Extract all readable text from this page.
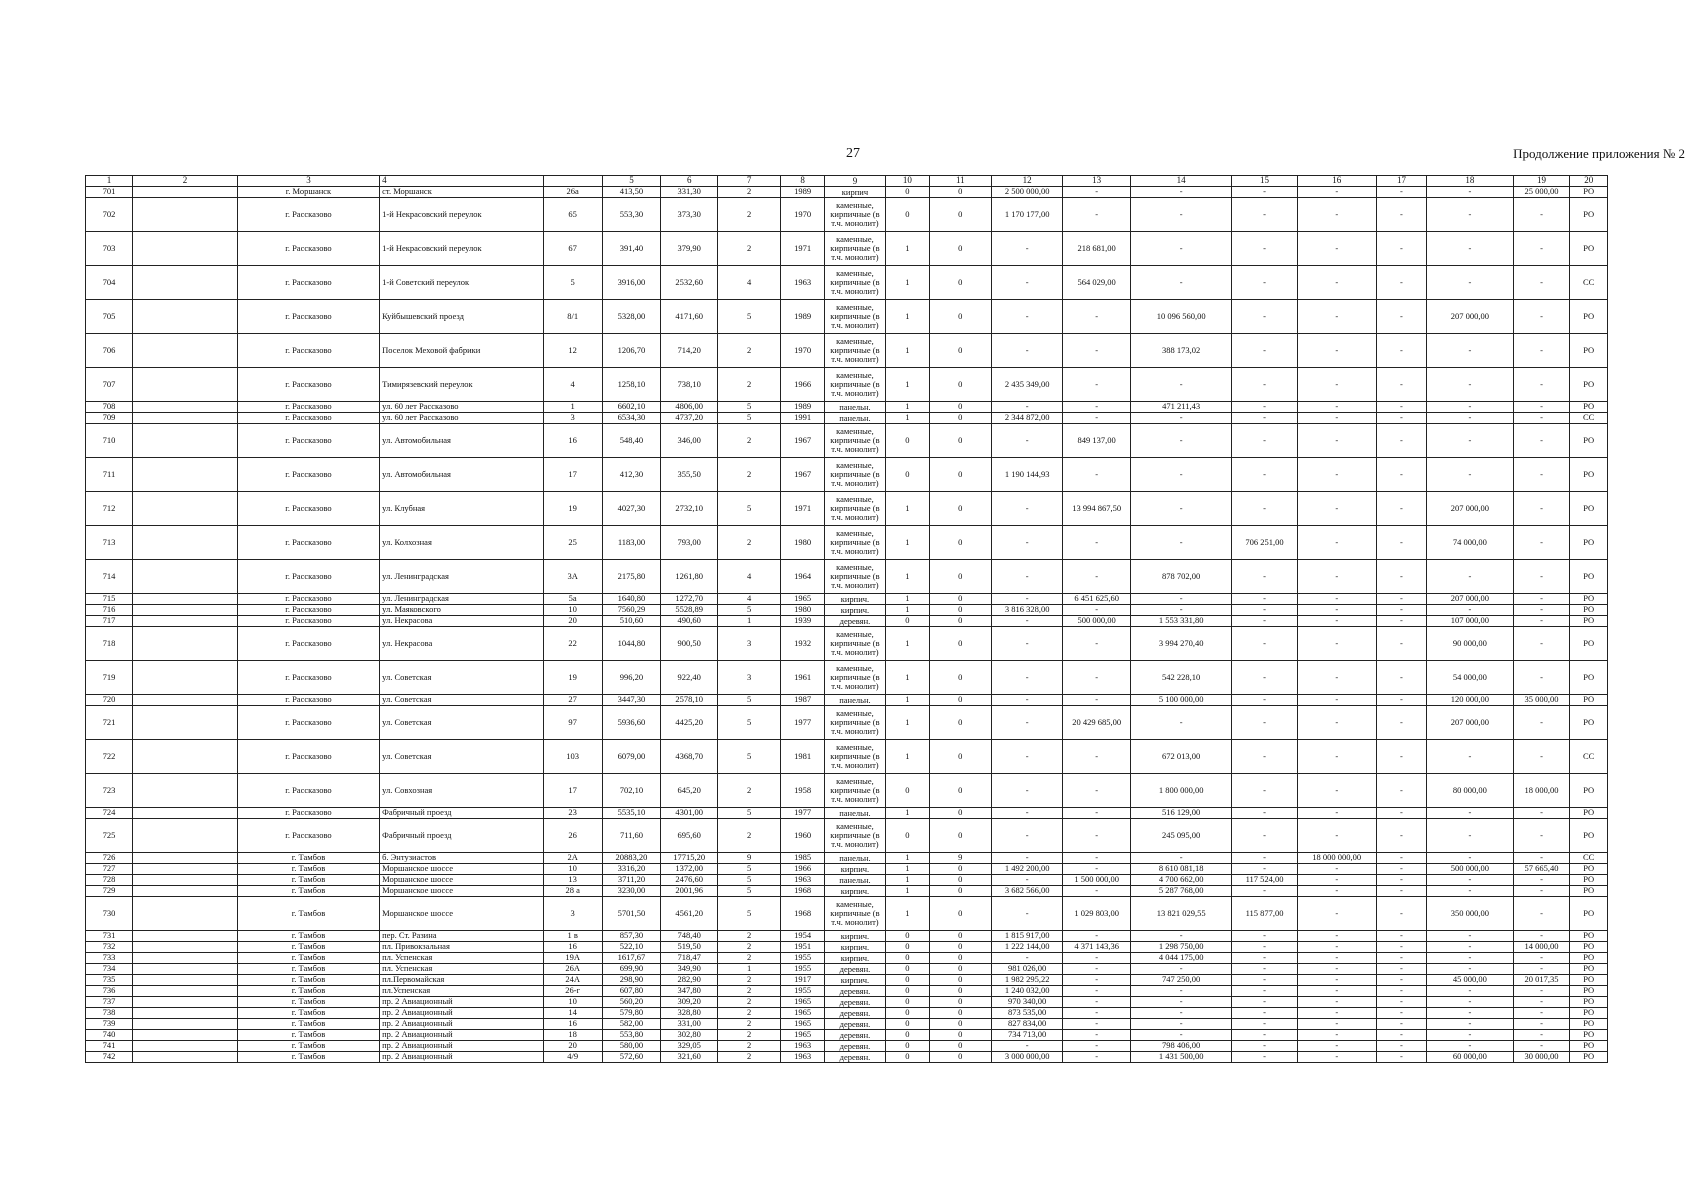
27	Продолжение приложения № 2
1	2	3	4		5	6	7	8	9	10	11	12	13	14	15	16	17	18	19	20
701		г. Моршанск	ст. Моршанск	26а	413,50	331,30	2	1989	кирпич	0	0	2 500 000,00	-	-	-	-	-	-	25 000,00	РО
702		г. Рассказово	1-й Некрасовский переулок	65	553,30	373,30	2	1970	каменные, кирпичные (в т.ч. монолит)	0	0	1 170 177,00	-	-	-	-	-	-	-	РО
703		г. Рассказово	1-й Некрасовский переулок	67	391,40	379,90	2	1971	каменные, кирпичные (в т.ч. монолит)	1	0	-	218 681,00	-	-	-	-	-	-	РО
704		г. Рассказово	1-й Советский переулок	5	3916,00	2532,60	4	1963	каменные, кирпичные (в т.ч. монолит)	1	0	-	564 029,00	-	-	-	-	-	-	СС
705		г. Рассказово	Куйбышевский проезд	8/1	5328,00	4171,60	5	1989	каменные, кирпичные (в т.ч. монолит)	1	0	-	-	10 096 560,00	-	-	-	207 000,00	-	РО
706		г. Рассказово	Поселок Меховой фабрики	12	1206,70	714,20	2	1970	каменные, кирпичные (в т.ч. монолит)	1	0	-	-	388 173,02	-	-	-	-	-	РО
707		г. Рассказово	Тимирязевский переулок	4	1258,10	738,10	2	1966	каменные, кирпичные (в т.ч. монолит)	1	0	2 435 349,00	-	-	-	-	-	-	-	РО
708		г. Рассказово	ул. 60 лет Рассказово	1	6602,10	4806,00	5	1989	панельн.	1	0	-	-	471 211,43	-	-	-	-	-	РО
709		г. Рассказово	ул. 60 лет Рассказово	3	6534,30	4737,20	5	1991	панельн.	1	0	2 344 872,00	-	-	-	-	-	-	-	СС
710		г. Рассказово	ул. Автомобильная	16	548,40	346,00	2	1967	каменные, кирпичные (в т.ч. монолит)	0	0	-	849 137,00	-	-	-	-	-	-	РО
711		г. Рассказово	ул. Автомобильная	17	412,30	355,50	2	1967	каменные, кирпичные (в т.ч. монолит)	0	0	1 190 144,93	-	-	-	-	-	-	-	РО
712		г. Рассказово	ул. Клубная	19	4027,30	2732,10	5	1971	каменные, кирпичные (в т.ч. монолит)	1	0	-	13 994 867,50	-	-	-	-	207 000,00	-	РО
713		г. Рассказово	ул. Колхозная	25	1183,00	793,00	2	1980	каменные, кирпичные (в т.ч. монолит)	1	0	-	-	-	706 251,00	-	-	74 000,00	-	РО
714		г. Рассказово	ул. Ленинградская	3А	2175,80	1261,80	4	1964	каменные, кирпичные (в т.ч. монолит)	1	0	-	-	878 702,00	-	-	-	-	-	РО
715		г. Рассказово	ул. Ленинградская	5а	1640,80	1272,70	4	1965	кирпич.	1	0	-	6 451 625,60	-	-	-	-	207 000,00	-	РО
716		г. Рассказово	ул. Маяковского	10	7560,29	5528,89	5	1980	кирпич.	1	0	3 816 328,00	-	-	-	-	-	-	-	РО
717		г. Рассказово	ул. Некрасова	20	510,60	490,60	1	1939	деревян.	0	0	-	500 000,00	1 553 331,80	-	-	-	107 000,00	-	РО
718		г. Рассказово	ул. Некрасова	22	1044,80	900,50	3	1932	каменные, кирпичные (в т.ч. монолит)	1	0	-	-	3 994 270,40	-	-	-	90 000,00	-	РО
719		г. Рассказово	ул. Советская	19	996,20	922,40	3	1961	каменные, кирпичные (в т.ч. монолит)	1	0	-	-	542 228,10	-	-	-	54 000,00	-	РО
720		г. Рассказово	ул. Советская	27	3447,30	2578,10	5	1987	панельн.	1	0	-	-	5 100 000,00	-	-	-	120 000,00	35 000,00	РО
721		г. Рассказово	ул. Советская	97	5936,60	4425,20	5	1977	каменные, кирпичные (в т.ч. монолит)	1	0	-	20 429 685,00	-	-	-	-	207 000,00	-	РО
722		г. Рассказово	ул. Советская	103	6079,00	4368,70	5	1981	каменные, кирпичные (в т.ч. монолит)	1	0	-	-	672 013,00	-	-	-	-	-	СС
723		г. Рассказово	ул. Совхозная	17	702,10	645,20	2	1958	каменные, кирпичные (в т.ч. монолит)	0	0	-	-	1 800 000,00	-	-	-	80 000,00	18 000,00	РО
724		г. Рассказово	Фабричный проезд	23	5535,10	4301,00	5	1977	панельн.	1	0	-	-	516 129,00	-	-	-	-	-	РО
725		г. Рассказово	Фабричный проезд	26	711,60	695,60	2	1960	каменные, кирпичные (в т.ч. монолит)	0	0	-	-	245 095,00	-	-	-	-	-	РО
726		г. Тамбов	б. Энтузиастов	2А	20883,20	17715,20	9	1985	панельн.	1	9	-	-	-	-	18 000 000,00	-	-	-	СС
727		г. Тамбов	Моршанское шоссе	10	3316,20	1372,00	5	1966	кирпич.	1	0	1 492 200,00	-	8 610 081,18	-	-	-	500 000,00	57 665,40	РО
728		г. Тамбов	Моршанское шоссе	13	3711,20	2476,60	5	1963	панельн.	1	0	-	1 500 000,00	4 700 662,00	117 524,00	-	-	-	-	РО
729		г. Тамбов	Моршанское шоссе	28 а	3230,00	2001,96	5	1968	кирпич.	1	0	3 682 566,00	-	5 287 768,00	-	-	-	-	-	РО
730		г. Тамбов	Моршанское шоссе	3	5701,50	4561,20	5	1968	каменные, кирпичные (в т.ч. монолит)	1	0	-	1 029 803,00	13 821 029,55	115 877,00	-	-	350 000,00	-	РО
731		г. Тамбов	пер. Ст. Разина	1 в	857,30	748,40	2	1954	кирпич.	0	0	1 815 917,00	-	-	-	-	-	-	-	РО
732		г. Тамбов	пл. Привокзальная	16	522,10	519,50	2	1951	кирпич.	0	0	1 222 144,00	4 371 143,36	1 298 750,00	-	-	-	-	14 000,00	РО
733		г. Тамбов	пл. Успенская	19А	1617,67	718,47	2	1955	кирпич.	0	0	-	-	4 044 175,00	-	-	-	-	-	РО
734		г. Тамбов	пл. Успенская	26А	699,90	349,90	1	1955	деревян.	0	0	981 026,00	-	-	-	-	-	-	-	РО
735		г. Тамбов	пл.Первомайская	24А	298,90	282,90	2	1917	кирпич.	0	0	1 982 295,22	-	747 250,00	-	-	-	45 000,00	20 017,35	РО
736		г. Тамбов	пл.Успенская	26-г	607,80	347,80	2	1955	деревян.	0	0	1 240 032,00	-	-	-	-	-	-	-	РО
737		г. Тамбов	пр. 2 Авиационный	10	560,20	309,20	2	1965	деревян.	0	0	970 340,00	-	-	-	-	-	-	-	РО
738		г. Тамбов	пр. 2 Авиационный	14	579,80	328,80	2	1965	деревян.	0	0	873 535,00	-	-	-	-	-	-	-	РО
739		г. Тамбов	пр. 2 Авиационный	16	582,00	331,00	2	1965	деревян.	0	0	827 834,00	-	-	-	-	-	-	-	РО
740		г. Тамбов	пр. 2 Авиационный	18	553,80	302,80	2	1965	деревян.	0	0	734 713,00	-	-	-	-	-	-	-	РО
741		г. Тамбов	пр. 2 Авиационный	20	580,00	329,05	2	1963	деревян.	0	0	-	-	798 406,00	-	-	-	-	-	РО
742		г. Тамбов	пр. 2 Авиационный	4/9	572,60	321,60	2	1963	деревян.	0	0	3 000 000,00	-	1 431 500,00	-	-	-	60 000,00	30 000,00	РО
